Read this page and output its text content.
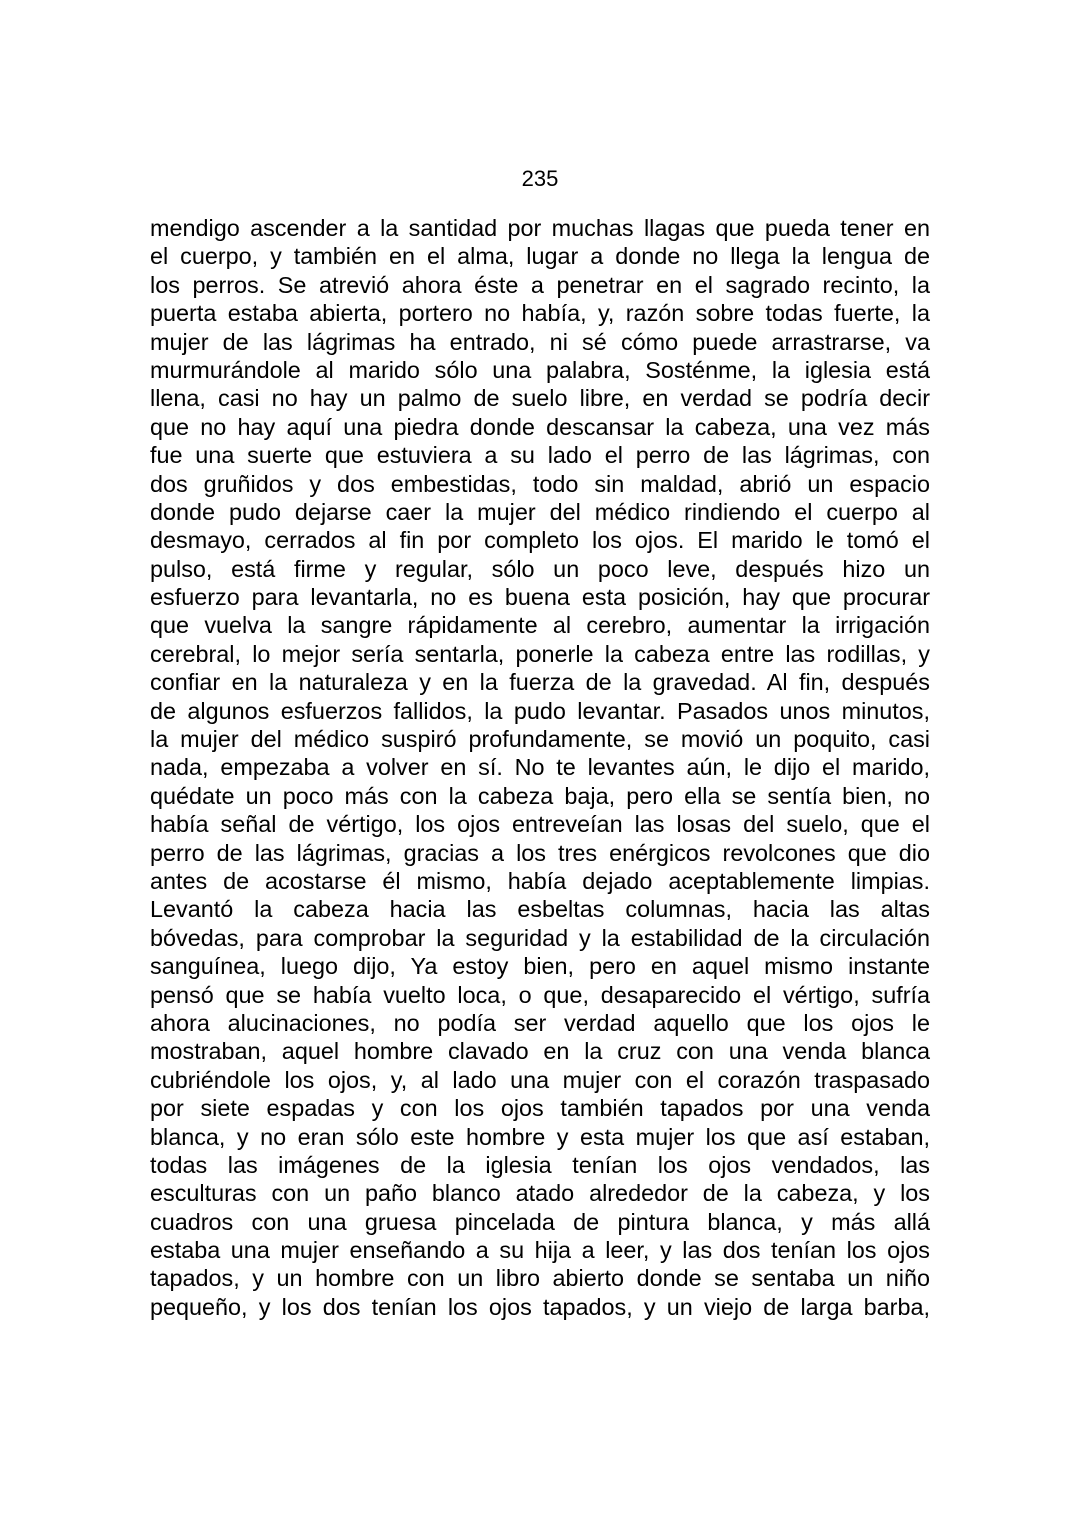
235
mendigo ascender a la santidad por muchas llagas que pueda tener en
el cuerpo, y también en el alma, lugar a donde no llega la lengua de
los perros. Se atrevió ahora éste a penetrar en el sagrado recinto, la
puerta estaba abierta, portero no había, y, razón sobre todas fuerte, la
mujer de las lágrimas ha entrado, ni sé cómo puede arrastrarse, va
murmurándole al marido sólo una palabra, Sosténme, la iglesia está
llena, casi no hay un palmo de suelo libre, en verdad se podría decir
que no hay aquí una piedra donde descansar la cabeza, una vez más
fue una suerte que estuviera a su lado el perro de las lágrimas, con
dos gruñidos y dos embestidas, todo sin maldad, abrió un espacio
donde pudo dejarse caer la mujer del médico rindiendo el cuerpo al
desmayo, cerrados al fin por completo los ojos. El marido le tomó el
pulso, está firme y regular, sólo un poco leve, después hizo un
esfuerzo para levantarla, no es buena esta posición, hay que procurar
que vuelva la sangre rápidamente al cerebro, aumentar la irrigación
cerebral, lo mejor sería sentarla, ponerle la cabeza entre las rodillas, y
confiar en la naturaleza y en la fuerza de la gravedad. Al fin, después
de algunos esfuerzos fallidos, la pudo levantar. Pasados unos minutos,
la mujer del médico suspiró profundamente, se movió un poquito, casi
nada, empezaba a volver en sí. No te levantes aún, le dijo el marido,
quédate un poco más con la cabeza baja, pero ella se sentía bien, no
había señal de vértigo, los ojos entreveían las losas del suelo, que el
perro de las lágrimas, gracias a los tres enérgicos revolcones que dio
antes de acostarse él mismo, había dejado aceptablemente limpias.
Levantó la cabeza hacia las esbeltas columnas, hacia las altas
bóvedas, para comprobar la seguridad y la estabilidad de la circulación
sanguínea, luego dijo, Ya estoy bien, pero en aquel mismo instante
pensó que se había vuelto loca, o que, desaparecido el vértigo, sufría
ahora alucinaciones, no podía ser verdad aquello que los ojos le
mostraban, aquel hombre clavado en la cruz con una venda blanca
cubriéndole los ojos, y, al lado una mujer con el corazón traspasado
por siete espadas y con los ojos también tapados por una venda
blanca, y no eran sólo este hombre y esta mujer los que así estaban,
todas las imágenes de la iglesia tenían los ojos vendados, las
esculturas con un paño blanco atado alrededor de la cabeza, y los
cuadros con una gruesa pincelada de pintura blanca, y más allá
estaba una mujer enseñando a su hija a leer, y las dos tenían los ojos
tapados, y un hombre con un libro abierto donde se sentaba un niño
pequeño, y los dos tenían los ojos tapados, y un viejo de larga barba,
